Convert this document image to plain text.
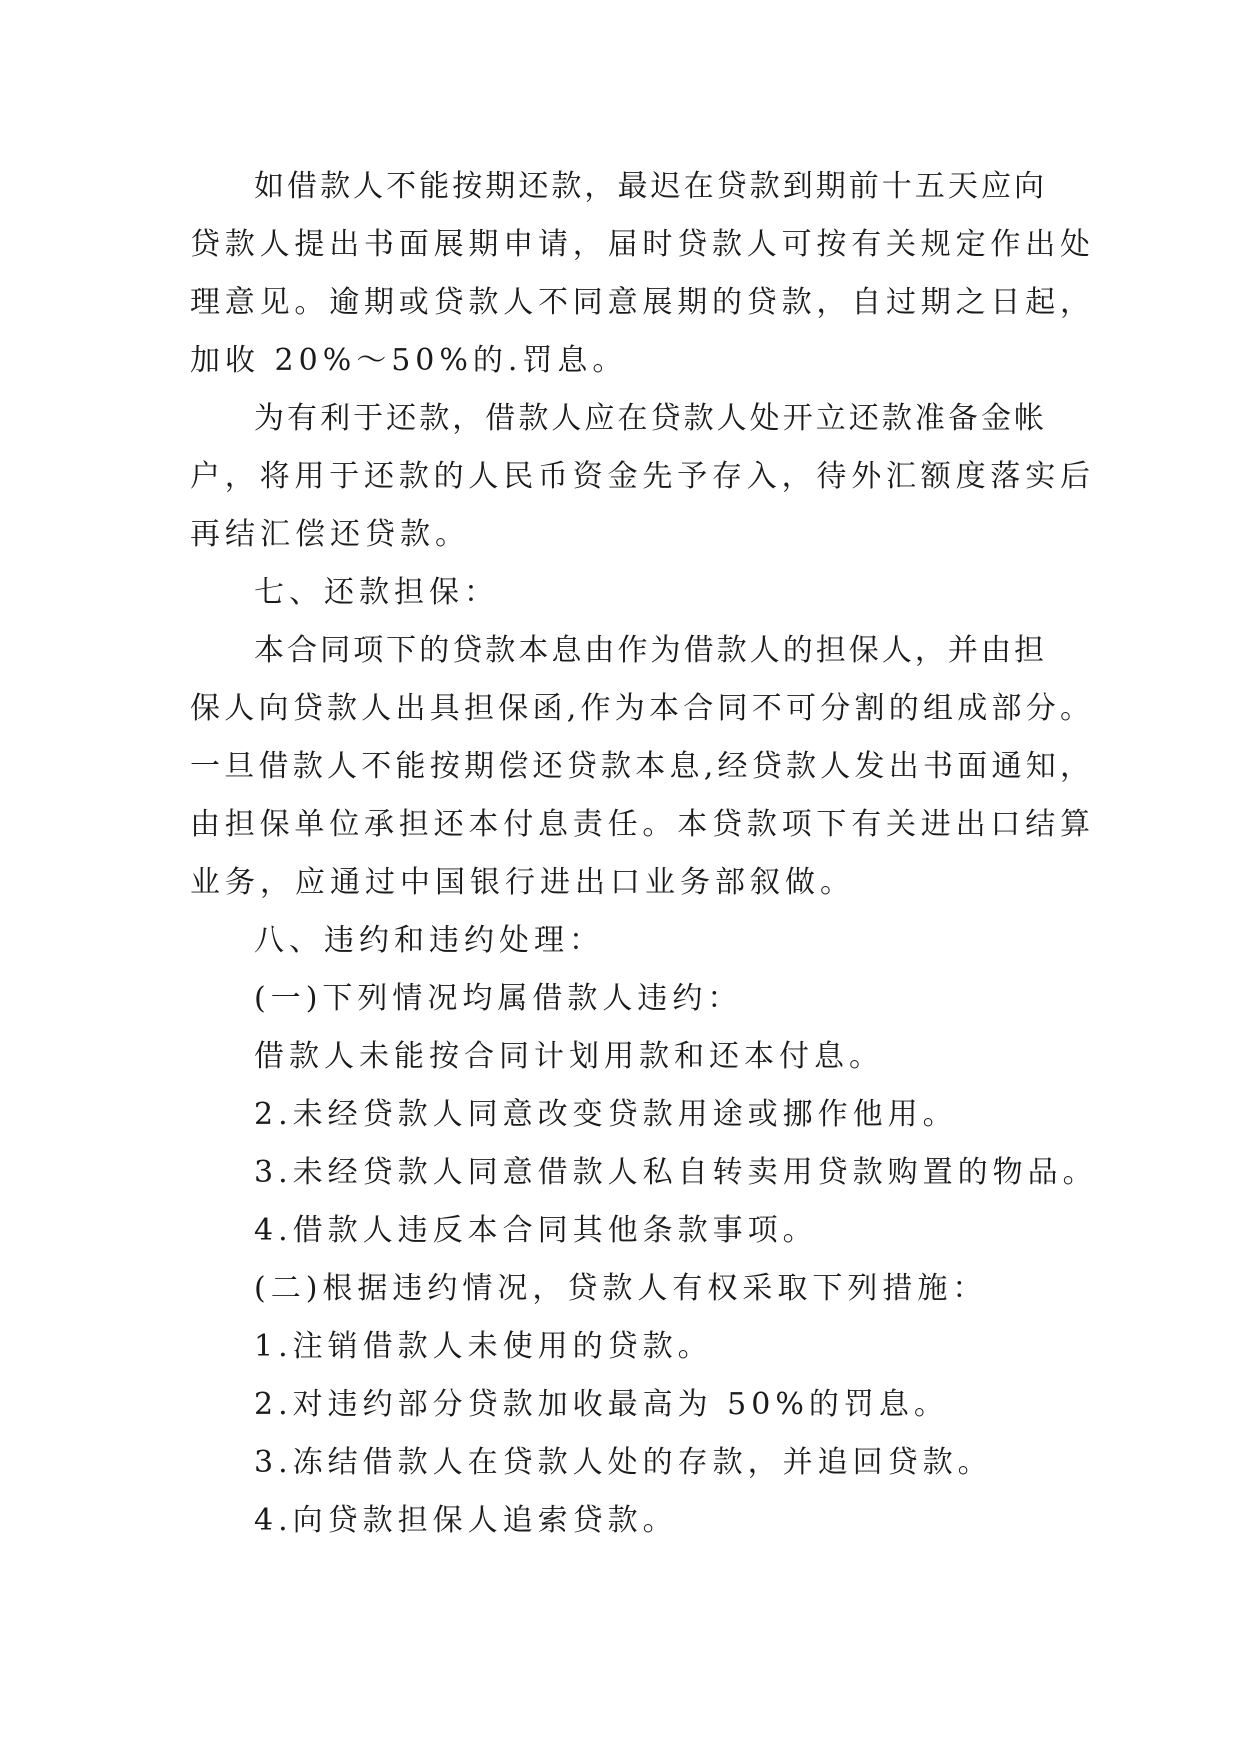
如借款人不能按期还款，最迟在贷款到期前十五天应向
贷款人提出书面展期申请，届时贷款人可按有关规定作出处
理意见。逾期或贷款人不同意展期的贷款，自过期之日起，
加收 20%～50%的.罚息。
为有利于还款，借款人应在贷款人处开立还款准备金帐
户，将用于还款的人民币资金先予存入，待外汇额度落实后
再结汇偿还贷款。
七、还款担保：
本合同项下的贷款本息由作为借款人的担保人，并由担
保人向贷款人出具担保函,作为本合同不可分割的组成部分。
一旦借款人不能按期偿还贷款本息,经贷款人发出书面通知，
由担保单位承担还本付息责任。本贷款项下有关进出口结算
业务，应通过中国银行进出口业务部叙做。
八、违约和违约处理：
(一)下列情况均属借款人违约：
借款人未能按合同计划用款和还本付息。
2.未经贷款人同意改变贷款用途或挪作他用。
3.未经贷款人同意借款人私自转卖用贷款购置的物品。
4.借款人违反本合同其他条款事项。
(二)根据违约情况，贷款人有权采取下列措施：
1.注销借款人未使用的贷款。
2.对违约部分贷款加收最高为 50%的罚息。
3.冻结借款人在贷款人处的存款，并追回贷款。
4.向贷款担保人追索贷款。
